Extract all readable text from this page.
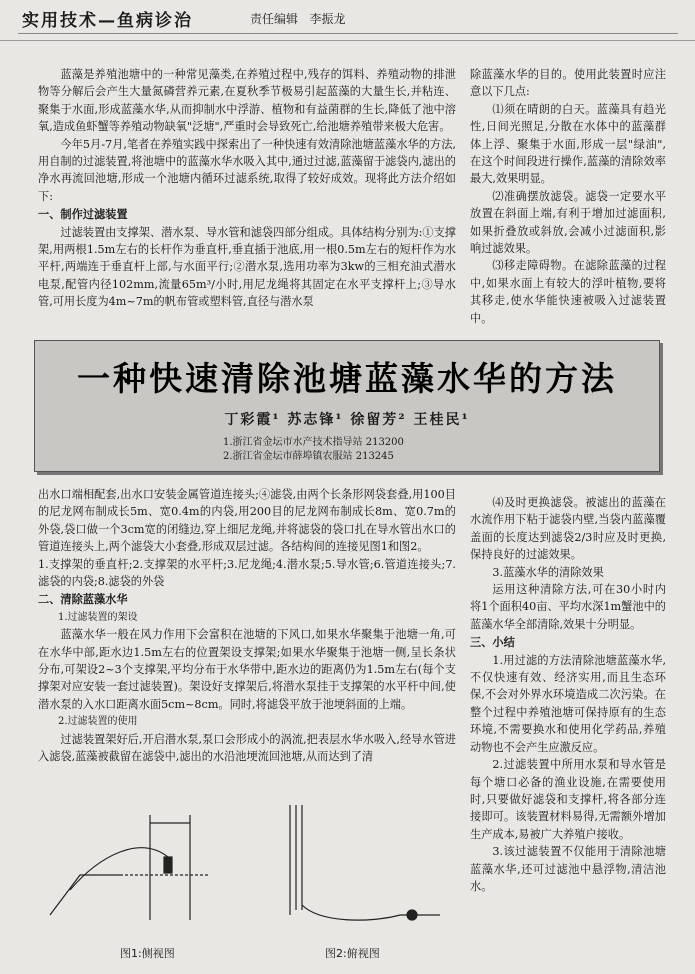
实用技术—鱼病诊治	责任编辑 李振龙

蓝藻是养殖池塘中的一种常见藻类,在养殖过程中,残存的饵料、养殖动物的排泄物等分解后会产生大量氮磷营养元素,在夏秋季节极易引起蓝藻的大量生长,并粘连、聚集于水面,形成蓝藻水华,从而抑制水中浮游、植物和有益菌群的生长,降低了池中溶氧,造成鱼虾蟹等养殖动物缺氧"泛塘",严重时会导致死亡,给池塘养殖带来极大危害。

今年5月-7月,笔者在养殖实践中探索出了一种快速有效清除池塘蓝藻水华的方法,用自制的过滤装置,将池塘中的蓝藻水华水吸入其中,通过过滤,蓝藻留于滤袋内,滤出的净水再流回池塘,形成一个池塘内循环过滤系统,取得了较好成效。现将此方法介绍如下:

一、制作过滤装置

过滤装置由支撑架、潜水泵、导水管和滤袋四部分组成。具体结构分别为:①支撑架,用两根1.5m左右的长杆作为垂直杆,垂直插于池底,用一根0.5m左右的短杆作为水平杆,两端连于垂直杆上部,与水面平行;②潜水泵,选用功率为3kw的三相充油式潜水电泵,配管内径102mm,流量65m³/小时,用尼龙绳将其固定在水平支撑杆上;③导水管,可用长度为4m~7m的帆布管或塑料管,直径与潜水泵

除蓝藻水华的目的。使用此装置时应注意以下几点:

⑴须在晴朗的白天。蓝藻具有趋光性,日间光照足,分散在水体中的蓝藻群体上浮、聚集于水面,形成一层"绿油",在这个时间段进行操作,蓝藻的清除效率最大,效果明显。

⑵准确摆放滤袋。滤袋一定要水平放置在斜面上端,有利于增加过滤面积,如果折叠放或斜放,会减小过滤面积,影响过滤效果。

⑶移走障碍物。在滤除蓝藻的过程中,如果水面上有较大的浮叶植物,要将其移走,使水华能快速被吸入过滤装置中。

一种快速清除池塘蓝藻水华的方法
丁彩霞¹ 苏志锋¹ 徐留芳² 王桂民¹
1.浙江省金坛市水产技术指导站 213200
2.浙江省金坛市薛埠镇农服站 213245

出水口端相配套,出水口安装金属管道连接头;④滤袋,由两个长条形网袋套叠,用100目的尼龙网布制成长5m、宽0.4m的内袋,用200目的尼龙网布制成长8m、宽0.7m的外袋,袋口做一个3cm宽的闭缝边,穿上细尼龙绳,并将滤袋的袋口扎在导水管出水口的管道连接头上,两个滤袋大小套叠,形成双层过滤。各结构间的连接见图1和图2。

1.支撑架的垂直杆;2.支撑架的水平杆;3.尼龙绳;4.潜水泵;5.导水管;6.管道连接头;7.滤袋的内袋;8.滤袋的外袋

二、清除蓝藻水华

1.过滤装置的架设

蓝藻水华一般在风力作用下会富积在池塘的下风口,如果水华聚集于池塘一角,可在水华中部,距水边1.5m左右的位置架设支撑架;如果水华聚集于池塘一侧,呈长条状分布,可架设2~3个支撑架,平均分布于水华带中,距水边的距离仍为1.5m左右(每个支撑架对应安装一套过滤装置)。架设好支撑架后,将潜水泵挂于支撑架的水平杆中间,使潜水泵的入水口距离水面5cm~8cm。同时,将滤袋平放于池埂斜面的上端。

2.过滤装置的使用

过滤装置架好后,开启潜水泵,泵口会形成小的涡流,把表层水华水吸入,经导水管进入滤袋,蓝藻被截留在滤袋中,滤出的水沿池埂流回池塘,从而达到了清

⑷及时更换滤袋。被滤出的蓝藻在水流作用下粘于滤袋内壁,当袋内蓝藻覆盖面的长度达到滤袋2/3时应及时更换,保持良好的过滤效果。

3.蓝藻水华的清除效果

运用这种清除方法,可在30小时内将1个面积40亩、平均水深1m蟹池中的蓝藻水华全部清除,效果十分明显。

三、小结

1.用过滤的方法清除池塘蓝藻水华,不仅快速有效、经济实用,而且生态环保,不会对外界水环境造成二次污染。在整个过程中养殖池塘可保持原有的生态环境,不需要换水和使用化学药品,养殖动物也不会产生应激反应。

2.过滤装置中所用水泵和导水管是每个塘口必备的渔业设施,在需要使用时,只要做好滤袋和支撑杆,将各部分连接即可。该装置材料易得,无需额外增加生产成本,易被广大养殖户接收。

3.该过滤装置不仅能用于清除池塘蓝藻水华,还可过滤池中悬浮物,清洁池水。

图1:侧视图	图2:俯视图
